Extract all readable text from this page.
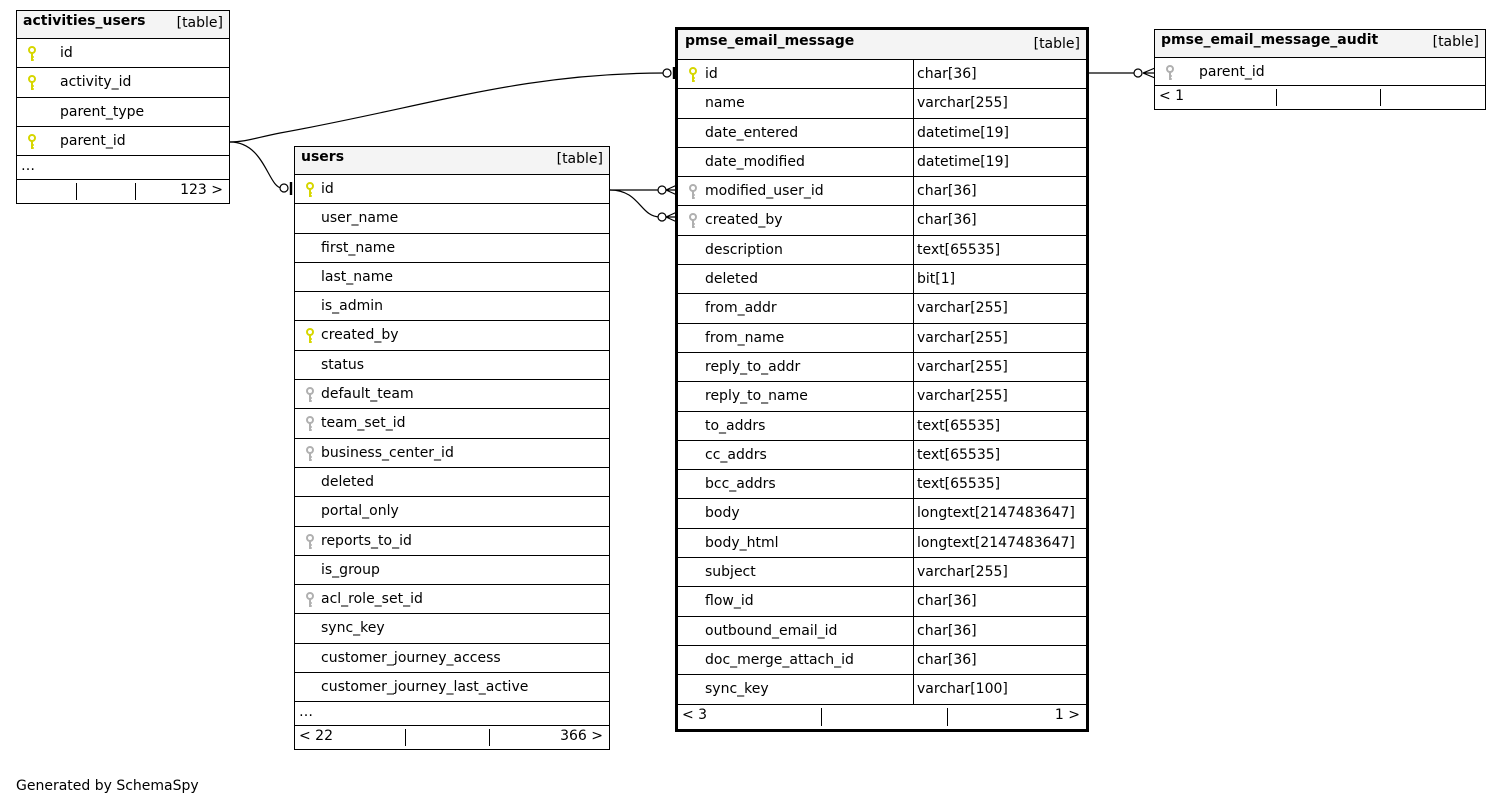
activities_users [table]
id
activity_id
parent_type
parent_id
…
123 >
users	[table]
id
user_name
first_name
last_name
is_admin
created_by
status
default_team
team_set_id
business_center_id
deleted
portal_only
reports_to_id
is_group
acl_role_set_id
sync_key
customer_journey_access
customer_journey_last_active
…
< 22	366 >
pmse_email_message	[table]
id	char[36]
name	varchar[255]
date_entered	datetime[19]
date_modified	datetime[19]
modified_user_id	char[36]
created_by	char[36]
description	text[65535]
deleted	bit[1]
from_addr	varchar[255]
from_name	varchar[255]
reply_to_addr	varchar[255]
reply_to_name	varchar[255]
to_addrs	text[65535]
cc_addrs	text[65535]
bcc_addrs	text[65535]
body	longtext[2147483647]
body_html	longtext[2147483647]
subject	varchar[255]
flow_id	char[36]
outbound_email_id	char[36]
doc_merge_attach_id	char[36]
sync_key	varchar[100]
< 3	1 >
pmse_email_message_audit	[table]
parent_id
< 1
Generated by SchemaSpy
